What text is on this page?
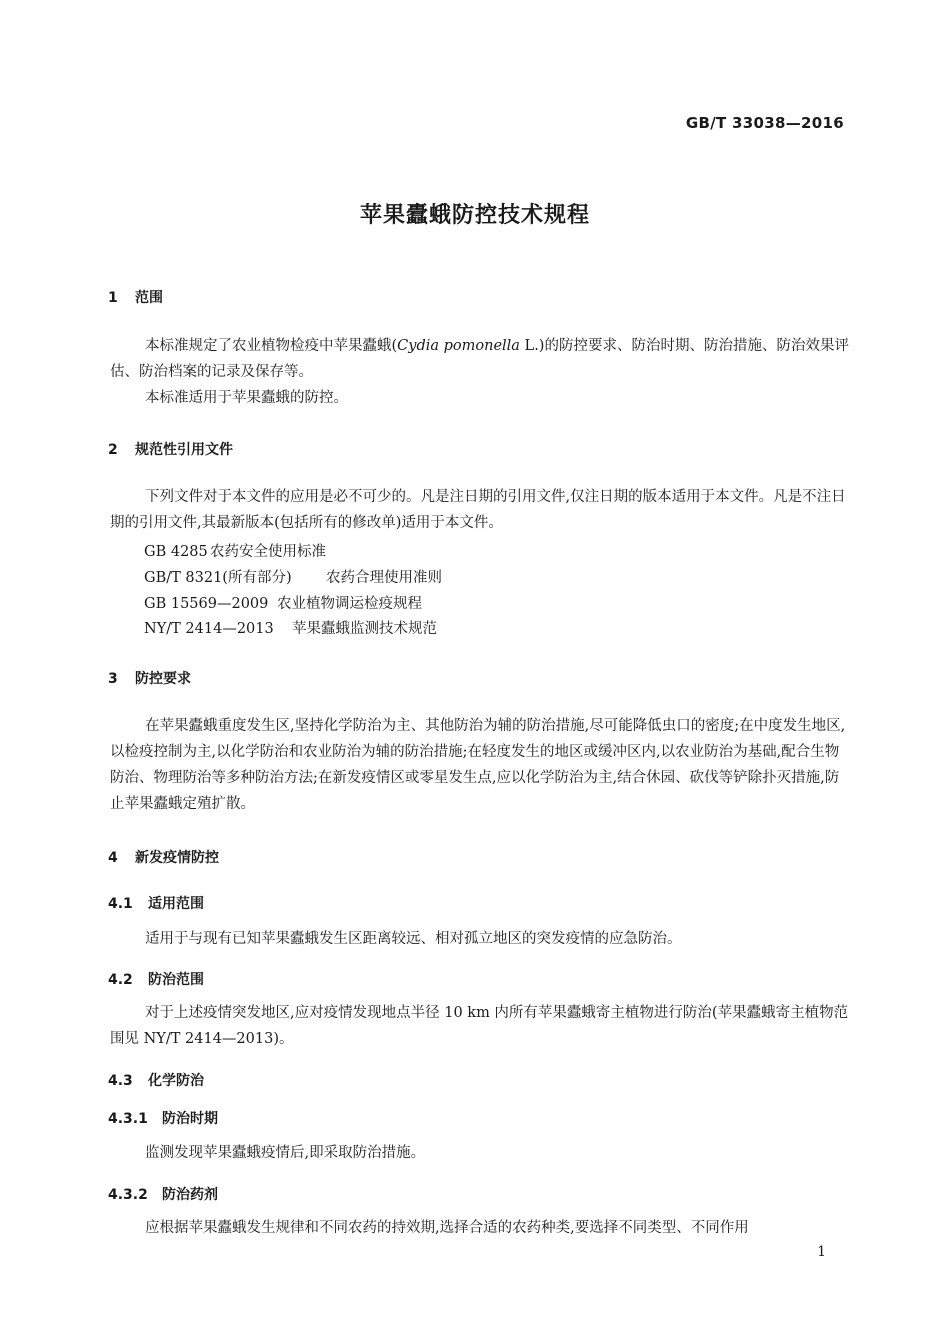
GB/T 33038—2016
苹果蠹蛾防控技术规程
1 范围
本标准规定了农业植物检疫中苹果蠹蛾(Cydia pomonella L.)的防控要求、防治时期、防治措施、防治效果评估、防治档案的记录及保存等。
本标准适用于苹果蠹蛾的防控。
2 规范性引用文件
下列文件对于本文件的应用是必不可少的。凡是注日期的引用文件,仅注日期的版本适用于本文件。凡是不注日期的引用文件,其最新版本(包括所有的修改单)适用于本文件。
GB 4285 农药安全使用标准
GB/T 8321(所有部分) 农药合理使用准则
GB 15569—2009 农业植物调运检疫规程
NY/T 2414—2013 苹果蠹蛾监测技术规范
3 防控要求
在苹果蠹蛾重度发生区,坚持化学防治为主、其他防治为辅的防治措施,尽可能降低虫口的密度;在中度发生地区,以检疫控制为主,以化学防治和农业防治为辅的防治措施;在轻度发生的地区或缓冲区内,以农业防治为基础,配合生物防治、物理防治等多种防治方法;在新发疫情区或零星发生点,应以化学防治为主,结合休园、砍伐等铲除扑灭措施,防止苹果蠹蛾定殖扩散。
4 新发疫情防控
4.1 适用范围
适用于与现有已知苹果蠹蛾发生区距离较远、相对孤立地区的突发疫情的应急防治。
4.2 防治范围
对于上述疫情突发地区,应对疫情发现地点半径 10 km 内所有苹果蠹蛾寄主植物进行防治(苹果蠹蛾寄主植物范围见 NY/T 2414—2013)。
4.3 化学防治
4.3.1 防治时期
监测发现苹果蠹蛾疫情后,即采取防治措施。
4.3.2 防治药剂
应根据苹果蠹蛾发生规律和不同农药的持效期,选择合适的农药种类,要选择不同类型、不同作用
1
